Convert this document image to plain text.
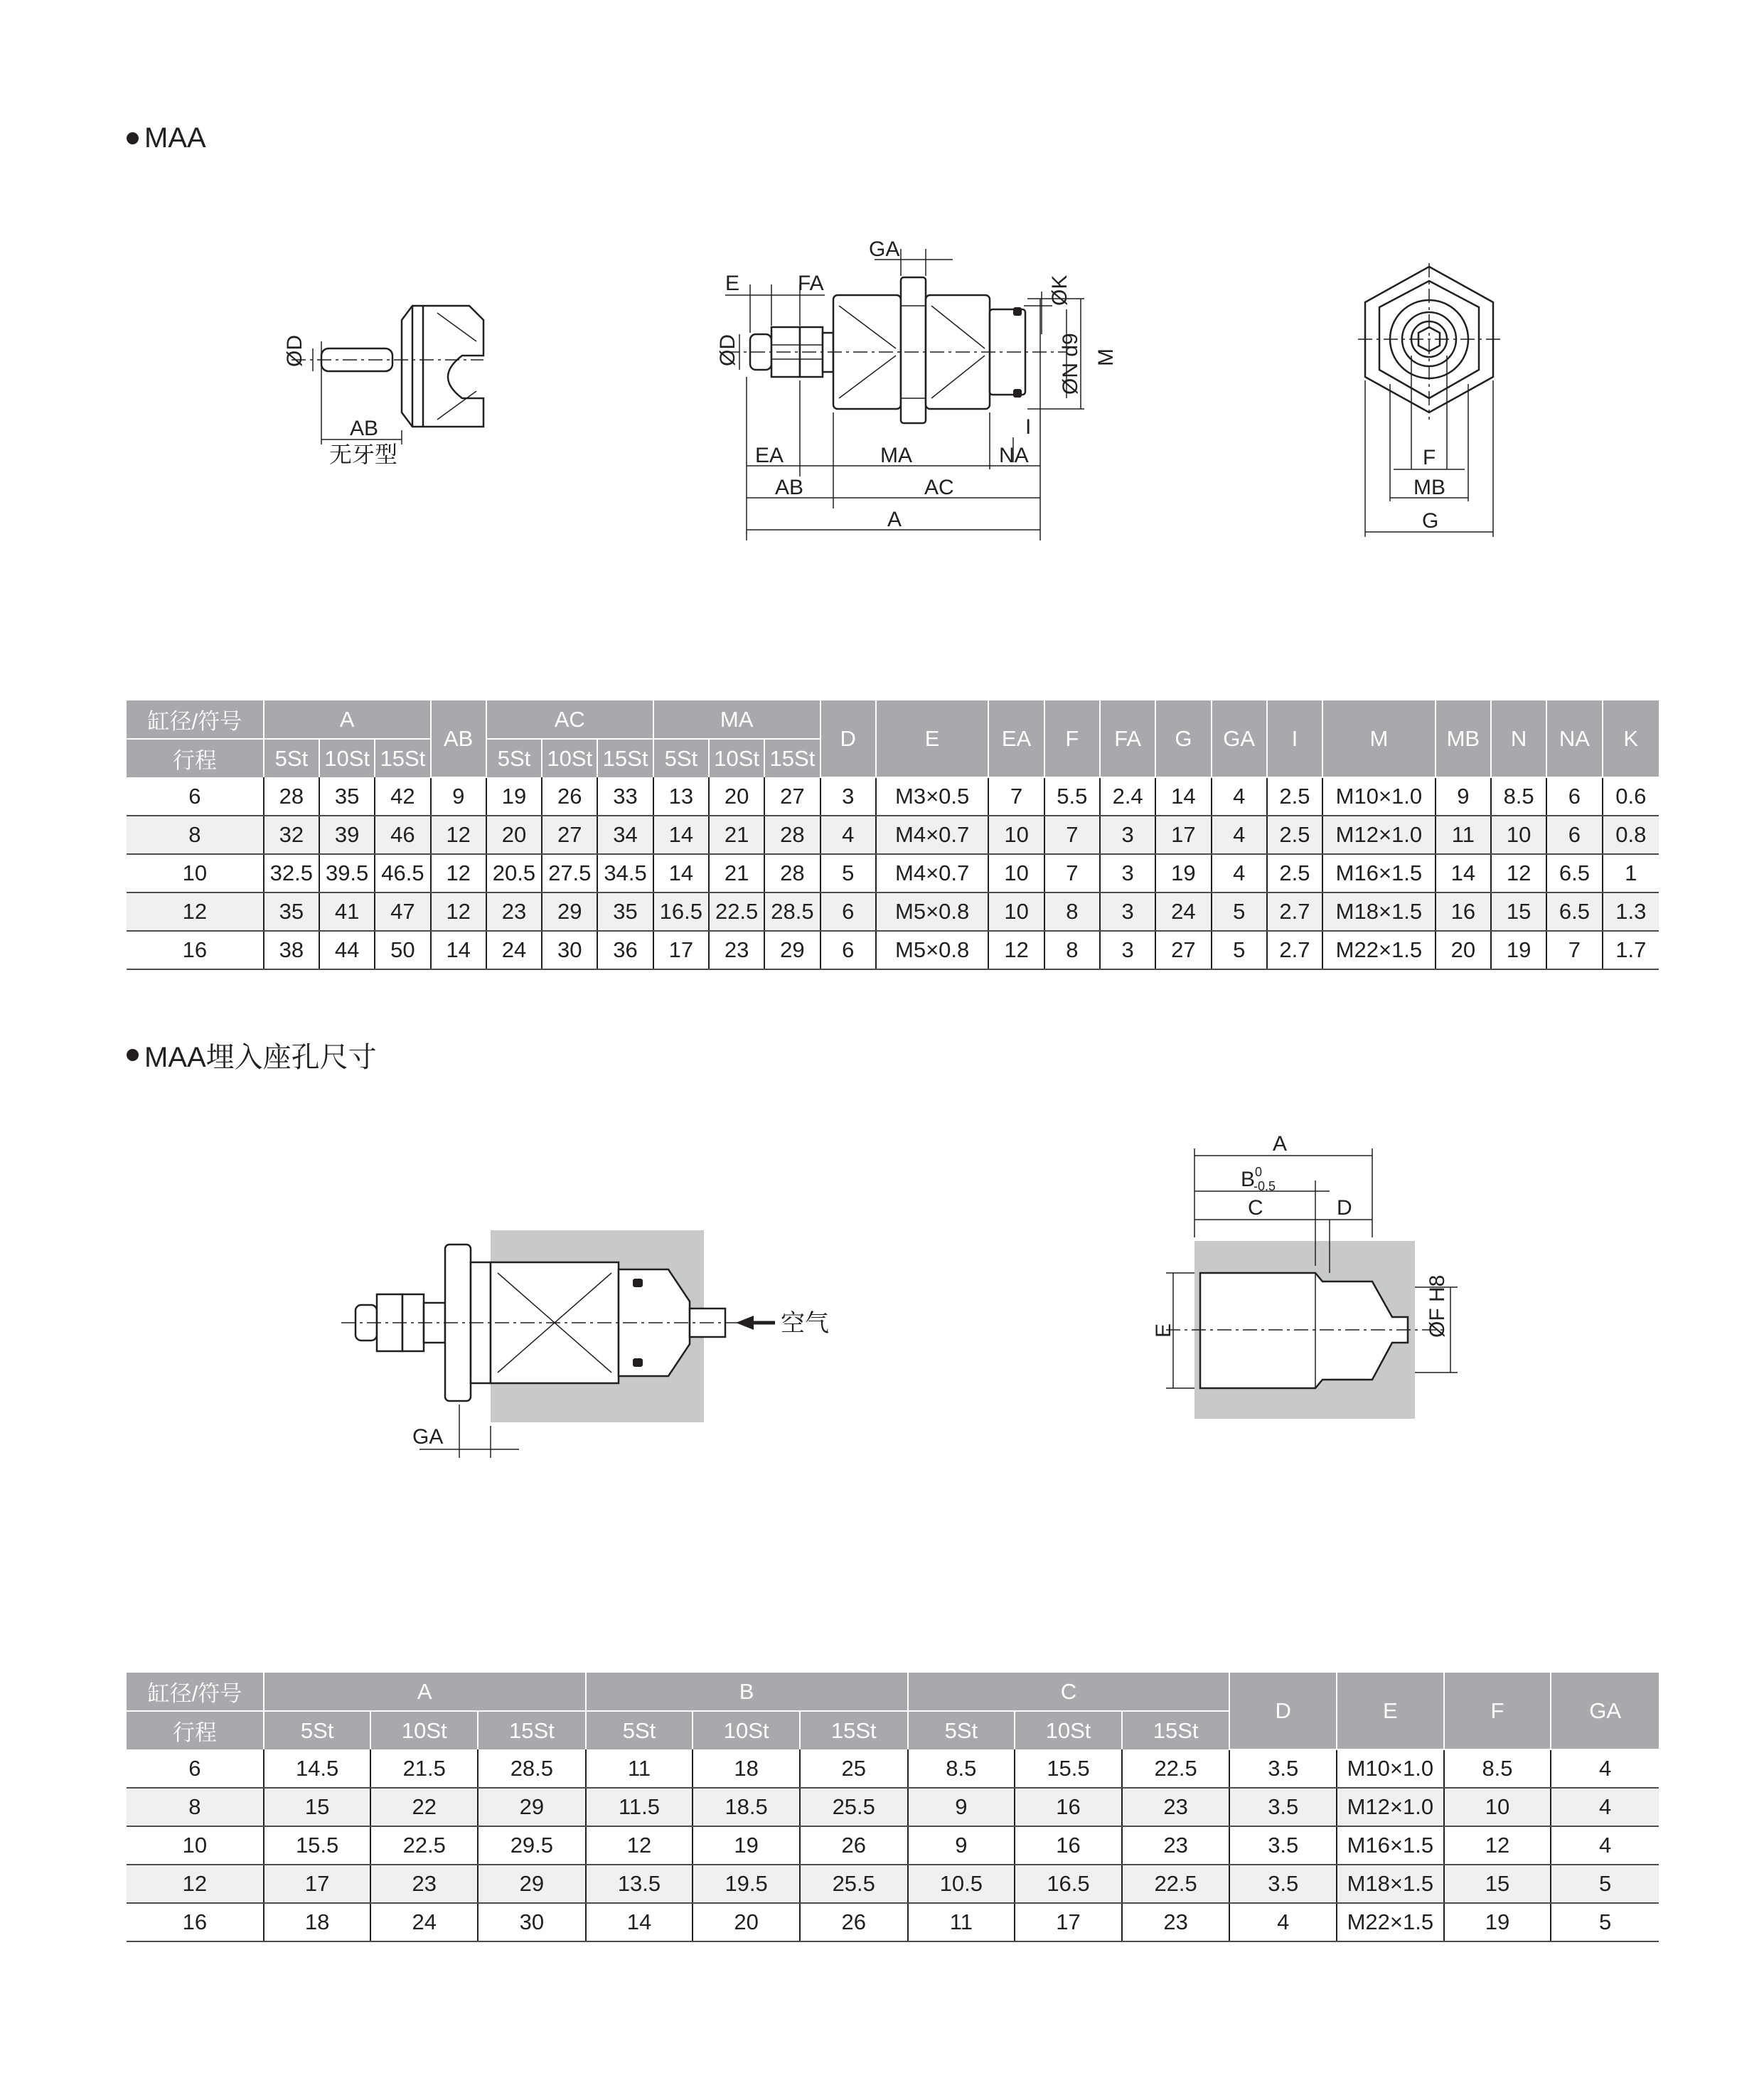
MAA
ØD
AB
无牙型
GA
E	FA
ØD
ØK
ØN d9 M
I
EA	MA	NA
AB	AC
A
F
MB
G
缸径/符号	A			AB	AC			MA			D	E	EA	F	FA	G	GA	I	M	MB	N	NA	K
行程	5St	10St	15St		5St	10St	15St	5St	10St	15St													
6	28	35	42	9	19	26	33	13	20	27	3	M3×0.5	7	5.5	2.4	14	4	2.5	M10×1.0	9	8.5	6	0.6
8	32	39	46	12	20	27	34	14	21	28	4	M4×0.7	10	7	3	17	4	2.5	M12×1.0	11	10	6	0.8
10	32.5	39.5	46.5	12	20.5	27.5	34.5	14	21	28	5	M4×0.7	10	7	3	19	4	2.5	M16×1.5	14	12	6.5	1
12	35	41	47	12	23	29	35	16.5	22.5	28.5	6	M5×0.8	10	8	3	24	5	2.7	M18×1.5	16	15	6.5	1.3
16	38	44	50	14	24	30	36	17	23	29	6	M5×0.8	12	8	3	27	5	2.7	M22×1.5	20	19	7	1.7
MAA埋入座孔尺寸
空气
GA
A
$B^0$ -0.5
C	D
E	ØF H8
缸径/符号	A			B			C			D	E	F	GA
行程	5St	10St	15St	5St	10St	15St	5St	10St	15St				
6	14.5	21.5	28.5	11	18	25	8.5	15.5	22.5	3.5	M10×1.0	8.5	4
8	15	22	29	11.5	18.5	25.5	9	16	23	3.5	M12×1.0	10	4
10	15.5	22.5	29.5	12	19	26	9	16	23	3.5	M16×1.5	12	4
12	17	23	29	13.5	19.5	25.5	10.5	16.5	22.5	3.5	M18×1.5	15	5
16	18	24	30	14	20	26	11	17	23	4	M22×1.5	19	5
